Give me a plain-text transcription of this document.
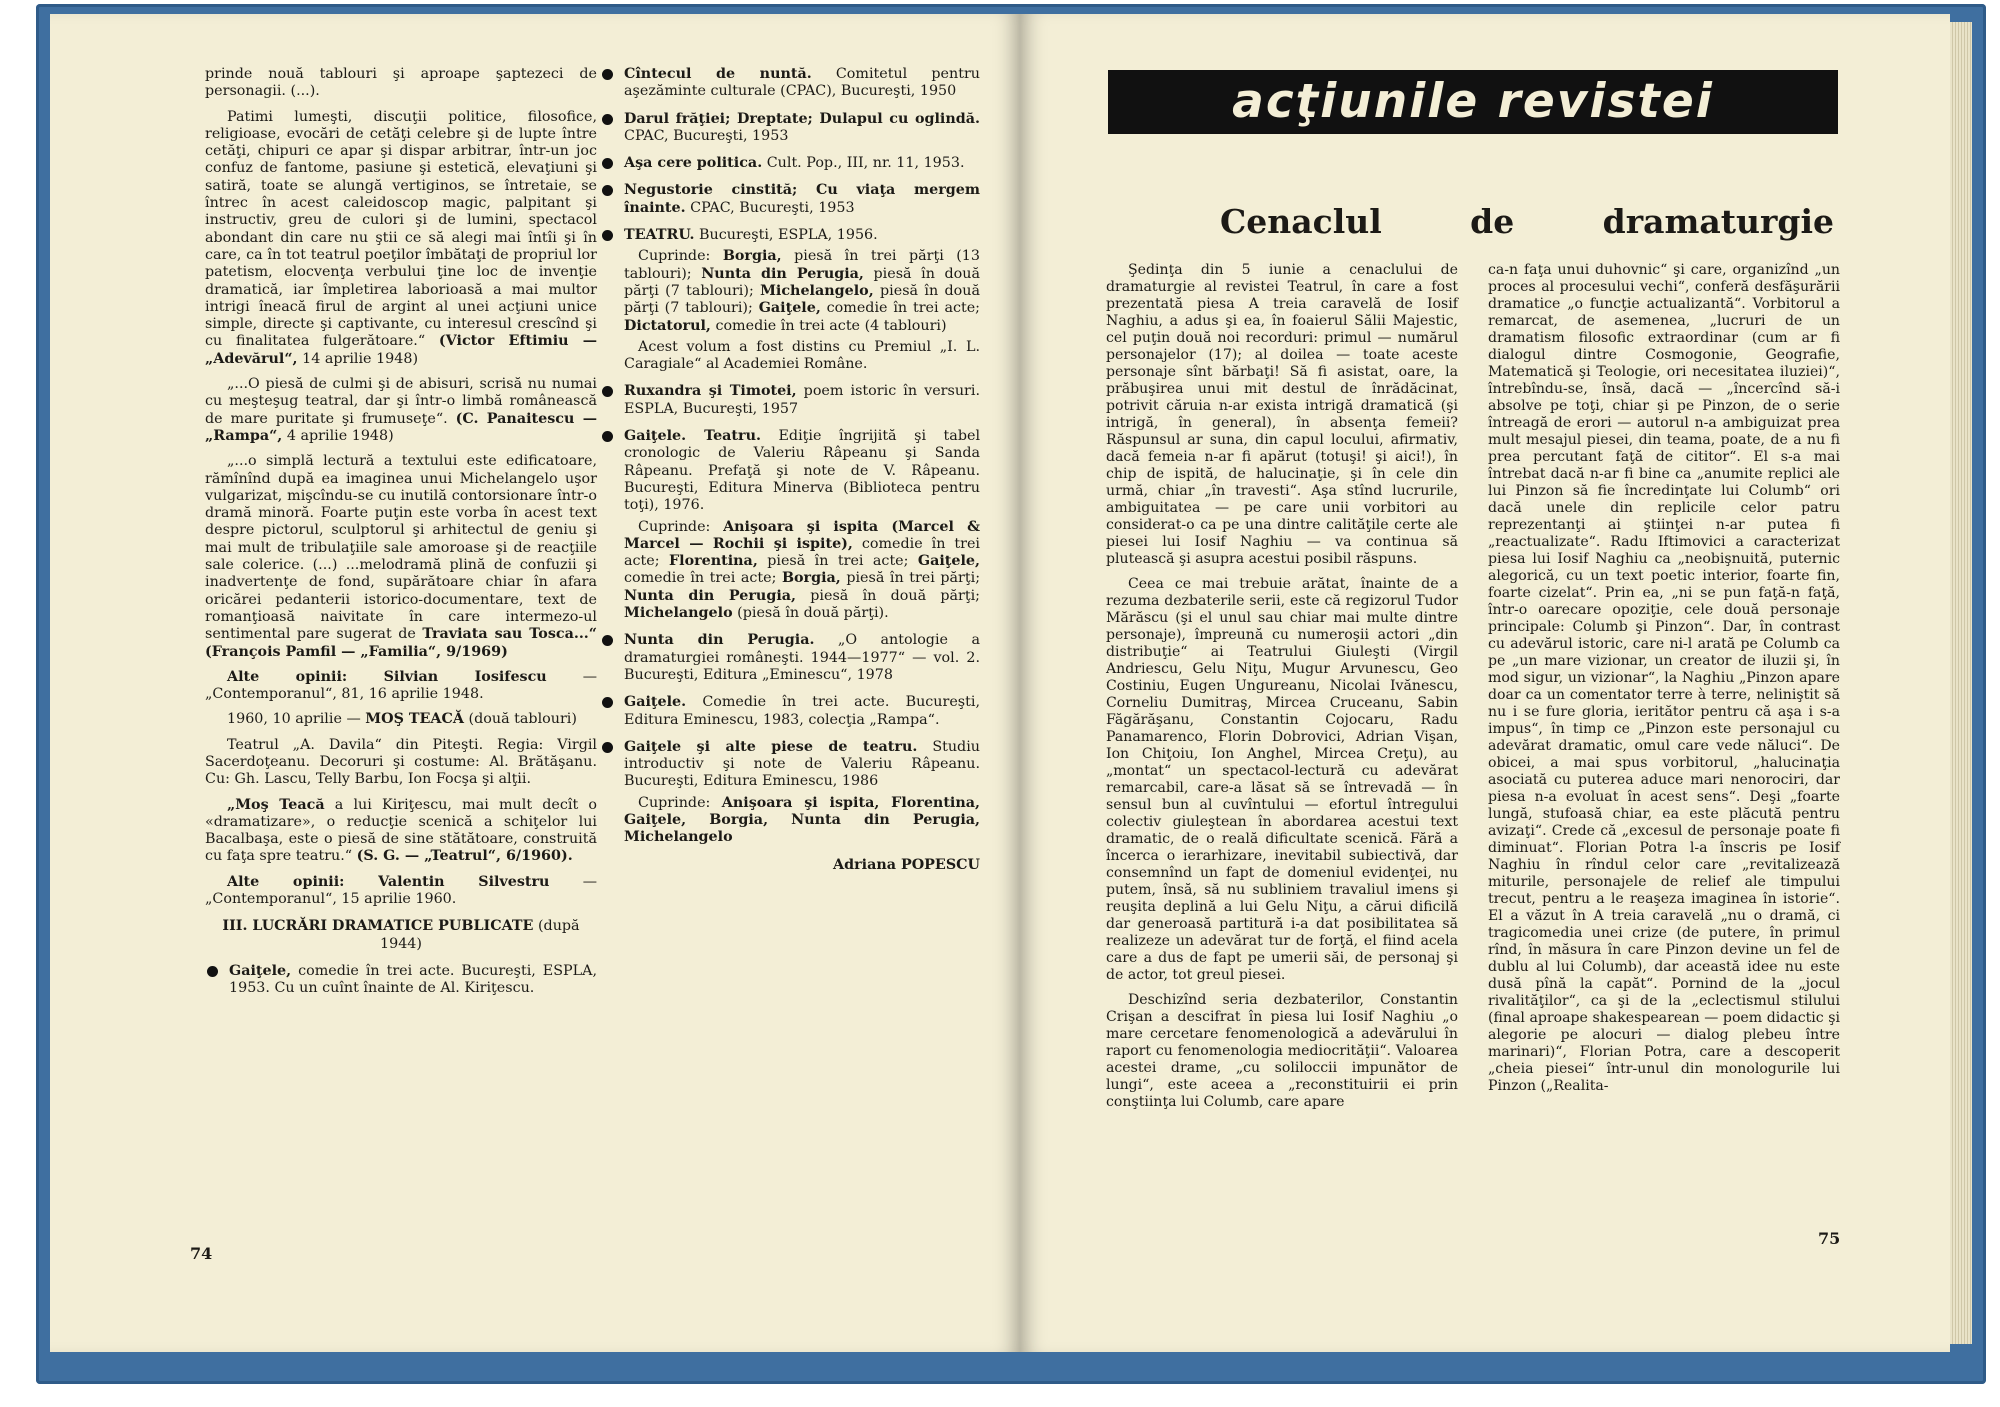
prinde nouă tablouri şi aproape şaptezeci de personagii. (...).

Patimi lumeşti, discuţii politice, filosofice, religioase, evocări de cetăţi celebre şi de lupte între cetăţi, chipuri ce apar şi dispar arbitrar, într-un joc confuz de fantome, pasiune şi estetică, elevaţiuni şi satiră, toate se alungă vertiginos, se întretaie, se întrec în acest caleidoscop magic, palpitant şi instructiv, greu de culori şi de lumini, spectacol abondant din care nu ştii ce să alegi mai întîi şi în care, ca în tot teatrul poeţilor îmbătaţi de propriul lor patetism, elocvenţa verbului ţine loc de invenţie dramatică, iar împletirea laborioasă a mai multor intrigi îneacă firul de argint al unei acţiuni unice simple, directe şi captivante, cu interesul crescînd şi cu finalitatea fulgerătoare.“ (Victor Eftimiu — „Adevărul“, 14 aprilie 1948)

„...O piesă de culmi şi de abisuri, scrisă nu numai cu meşteşug teatral, dar şi într-o limbă românească de mare puritate şi frumuseţe“. (C. Panaitescu — „Rampa“, 4 aprilie 1948)

„...o simplă lectură a textului este edificatoare, rămînînd după ea imaginea unui Michelangelo uşor vulgarizat, mişcîndu-se cu inutilă contorsionare într-o dramă minoră. Foarte puţin este vorba în acest text despre pictorul, sculptorul şi arhitectul de geniu şi mai mult de tribulaţiile sale amoroase şi de reacţiile sale colerice. (...) ...melodramă plină de confuzii şi inadvertenţe de fond, supărătoare chiar în afara oricărei pedanterii istorico-documentare, text de romanţioasă naivitate în care intermezo-ul sentimental pare sugerat de Traviata sau Tosca...“ (François Pamfil — „Familia“, 9/1969)

Alte opinii: Silvian Iosifescu	— „Contemporanul“, 81, 16 aprilie 1948.

1960, 10 aprilie — MOŞ TEACĂ (două tablouri)

Teatrul „A. Davila“ din Piteşti. Regia: Virgil Sacerdoţeanu. Decoruri şi costume: Al. Brătăşanu. Cu: Gh. Lascu, Telly Barbu, Ion Focşa şi alţii.

„Moş Teacă a lui Kiriţescu, mai mult decît o «dramatizare», o reducţie scenică a schiţelor lui Bacalbaşa, este o piesă de sine stătătoare, construită cu faţa spre teatru.“ (S. G. — „Teatrul“, 6/1960).

Alte opinii: Valentin Silvestru — „Contemporanul“, 15 aprilie 1960.

III. LUCRĂRI DRAMATICE PUBLICATE (după 1944)

Gaiţele, comedie în trei acte. Bucureşti, ESPLA, 1953. Cu un cuînt înainte de Al. Kiriţescu.

Cîntecul de nuntă. Comitetul pentru aşezăminte culturale (CPAC), Bucureşti, 1950

Darul frăţiei; Dreptate; Dulapul cu oglindă. CPAC, Bucureşti, 1953

Aşa cere politica. Cult. Pop., III, nr. 11, 1953.

Negustorie cinstită; Cu viaţa mergem înainte. CPAC, Bucureşti, 1953

TEATRU. Bucureşti, ESPLA, 1956.

Cuprinde: Borgia, piesă în trei părţi (13 tablouri); Nunta din Perugia, piesă în două părţi (7 tablouri); Michelangelo, piesă în două părţi (7 tablouri); Gaiţele, comedie în trei acte; Dictatorul, comedie în trei acte (4 tablouri)

Acest volum a fost distins cu Premiul „I. L. Caragiale“ al Academiei Române.

Ruxandra şi Timotei, poem istoric în versuri. ESPLA, Bucureşti, 1957

Gaiţele. Teatru. Ediţie îngrijită şi tabel cronologic de Valeriu Râpeanu şi Sanda Râpeanu. Prefaţă şi note de V. Râpeanu. Bucureşti, Editura Minerva (Biblioteca pentru toţi), 1976.

Cuprinde: Anişoara şi ispita (Marcel & Marcel — Rochii şi ispite), comedie în trei acte; Florentina, piesă în trei acte; Gaiţele, comedie în trei acte; Borgia, piesă în trei părţi; Nunta din Perugia, piesă în două părţi; Michelangelo (piesă în două părţi).

Nunta din Perugia. „O antologie a dramaturgiei româneşti. 1944—1977“ — vol. 2. Bucureşti, Editura „Eminescu“, 1978

Gaiţele. Comedie în trei acte. Bucureşti, Editura Eminescu, 1983, colecţia „Rampa“.

Gaiţele şi alte piese de teatru. Studiu introductiv şi note de Valeriu Râpeanu. Bucureşti, Editura Eminescu, 1986

Cuprinde: Anişoara şi ispita, Florentina, Gaiţele, Borgia, Nunta din Perugia, Michelangelo

Adriana POPESCU
74
acţiunile revistei „Teatrul“
Cenaclul	de	dramaturgie

Şedinţa din 5 iunie a cenaclului de dramaturgie al revistei Teatrul, în care a fost prezentată piesa A treia caravelă de Iosif Naghiu, a adus şi ea, în foaierul Sălii Majestic, cel puţin două noi recorduri: primul — numărul personajelor (17); al doilea — toate aceste personaje sînt bărbaţi! Să fi asistat, oare, la prăbuşirea unui mit destul de înrădăcinat, potrivit căruia n-ar exista intrigă dramatică (şi intrigă, în general), în absenţa femeii? Răspunsul ar suna, din capul locului, afirmativ, dacă femeia n-ar fi apărut (totuşi! şi aici!), în chip de ispită, de halucinaţie, şi în cele din urmă, chiar „în travesti“. Aşa stînd lucrurile, ambiguitatea — pe care unii vorbitori au considerat-o ca pe una dintre calităţile certe ale piesei lui Iosif Naghiu — va continua să plutească şi asupra acestui posibil răspuns.

Ceea ce mai trebuie arătat, înainte de a rezuma dezbaterile serii, este că regizorul Tudor Mărăscu (şi el unul sau chiar mai multe dintre personaje), împreună cu numeroşii actori „din distribuţie“ ai Teatrului Giuleşti (Virgil Andriescu, Gelu Niţu, Mugur Arvunescu, Geo Costiniu, Eugen Ungureanu, Nicolai Ivănescu, Corneliu Dumitraş, Mircea Cruceanu, Sabin Făgărăşanu, Constantin Cojocaru, Radu Panamarenco, Florin Dobrovici, Adrian Vişan, Ion Chiţoiu, Ion Anghel, Mircea Creţu), au „montat“ un spectacol-lectură cu adevărat remarcabil, care-a lăsat să se întrevadă — în sensul bun al cuvîntului — efortul întregului colectiv giuleştean în abordarea acestui text dramatic, de o reală dificultate scenică. Fără a încerca o ierarhizare, inevitabil subiectivă, dar consemnînd un fapt de domeniul evidenţei, nu putem, însă, să nu subliniem travaliul imens şi reuşita deplină a lui Gelu Niţu, a cărui dificilă dar generoasă partitură i-a dat posibilitatea să realizeze un adevărat tur de forţă, el fiind acela care a dus de fapt pe umerii săi, de personaj şi de actor, tot greul piesei.

Deschizînd seria dezbaterilor, Constantin Crişan a descifrat în piesa lui Iosif Naghiu „o mare cercetare fenomenologică a adevărului în raport cu fenomenologia mediocrităţii“. Valoarea acestei drame, „cu soliloccii impunător de lungi“, este aceea a „reconstituirii ei prin conştiinţa lui Columb, care apare

ca-n faţa unui duhovnic“ şi care, organizînd „un proces al procesului vechi“, conferă desfăşurării dramatice „o funcţie actualizantă“. Vorbitorul a remarcat, de asemenea, „lucruri de un dramatism filosofic extraordinar (cum ar fi dialogul dintre Cosmogonie, Geografie, Matematică şi Teologie, ori necesitatea iluziei)“, întrebîndu-se, însă, dacă — „încercînd să-i absolve pe toţi, chiar şi pe Pinzon, de o serie întreagă de erori — autorul n-a ambiguizat prea mult mesajul piesei, din teama, poate, de a nu fi prea percutant faţă de cititor“. El s-a mai întrebat dacă n-ar fi bine ca „anumite replici ale lui Pinzon să fie încredinţate lui Columb“ ori dacă unele din replicile celor patru reprezentanţi ai ştiinţei n-ar putea fi „reactualizate“. Radu Iftimovici a caracterizat piesa lui Iosif Naghiu ca „neobişnuită, puternic alegorică, cu un text poetic interior, foarte fin, foarte cizelat“. Prin ea, „ni se pun faţă-n faţă, într-o oarecare opoziţie, cele două personaje principale: Columb şi Pinzon“. Dar, în contrast cu adevărul istoric, care ni-l arată pe Columb ca pe „un mare vizionar, un creator de iluzii şi, în mod sigur, un vizionar“, la Naghiu „Pinzon apare doar ca un comentator terre à terre, neliniştit să nu i se fure gloria, ieritător pentru că aşa i s-a impus“, în timp ce „Pinzon este personajul cu adevărat dramatic, omul care vede năluci“. De obicei, a mai spus vorbitorul, „halucinaţia asociată cu puterea aduce mari nenorociri, dar piesa n-a evoluat în acest sens“. Deşi „foarte lungă, stufoasă chiar, ea este plăcută pentru avizaţi“. Crede că „excesul de personaje poate fi diminuat“. Florian Potra l-a înscris pe Iosif Naghiu în rîndul celor care „revitalizează miturile, personajele de relief ale timpului trecut, pentru a le reaşeza imaginea în istorie“. El a văzut în A treia caravelă „nu o dramă, ci tragicomedia unei crize (de putere, în primul rînd, în măsura în care Pinzon devine un fel de dublu al lui Columb), dar această idee nu este dusă pînă la capăt“. Pornind de la „jocul rivalităţilor“, ca şi de la „eclectismul stilului (final aproape shakespearean — poem didactic şi alegorie pe alocuri — dialog plebeu între marinari)“, Florian Potra, care a descoperit „cheia piesei“ într-unul din monologurile lui Pinzon („Realita-

75
